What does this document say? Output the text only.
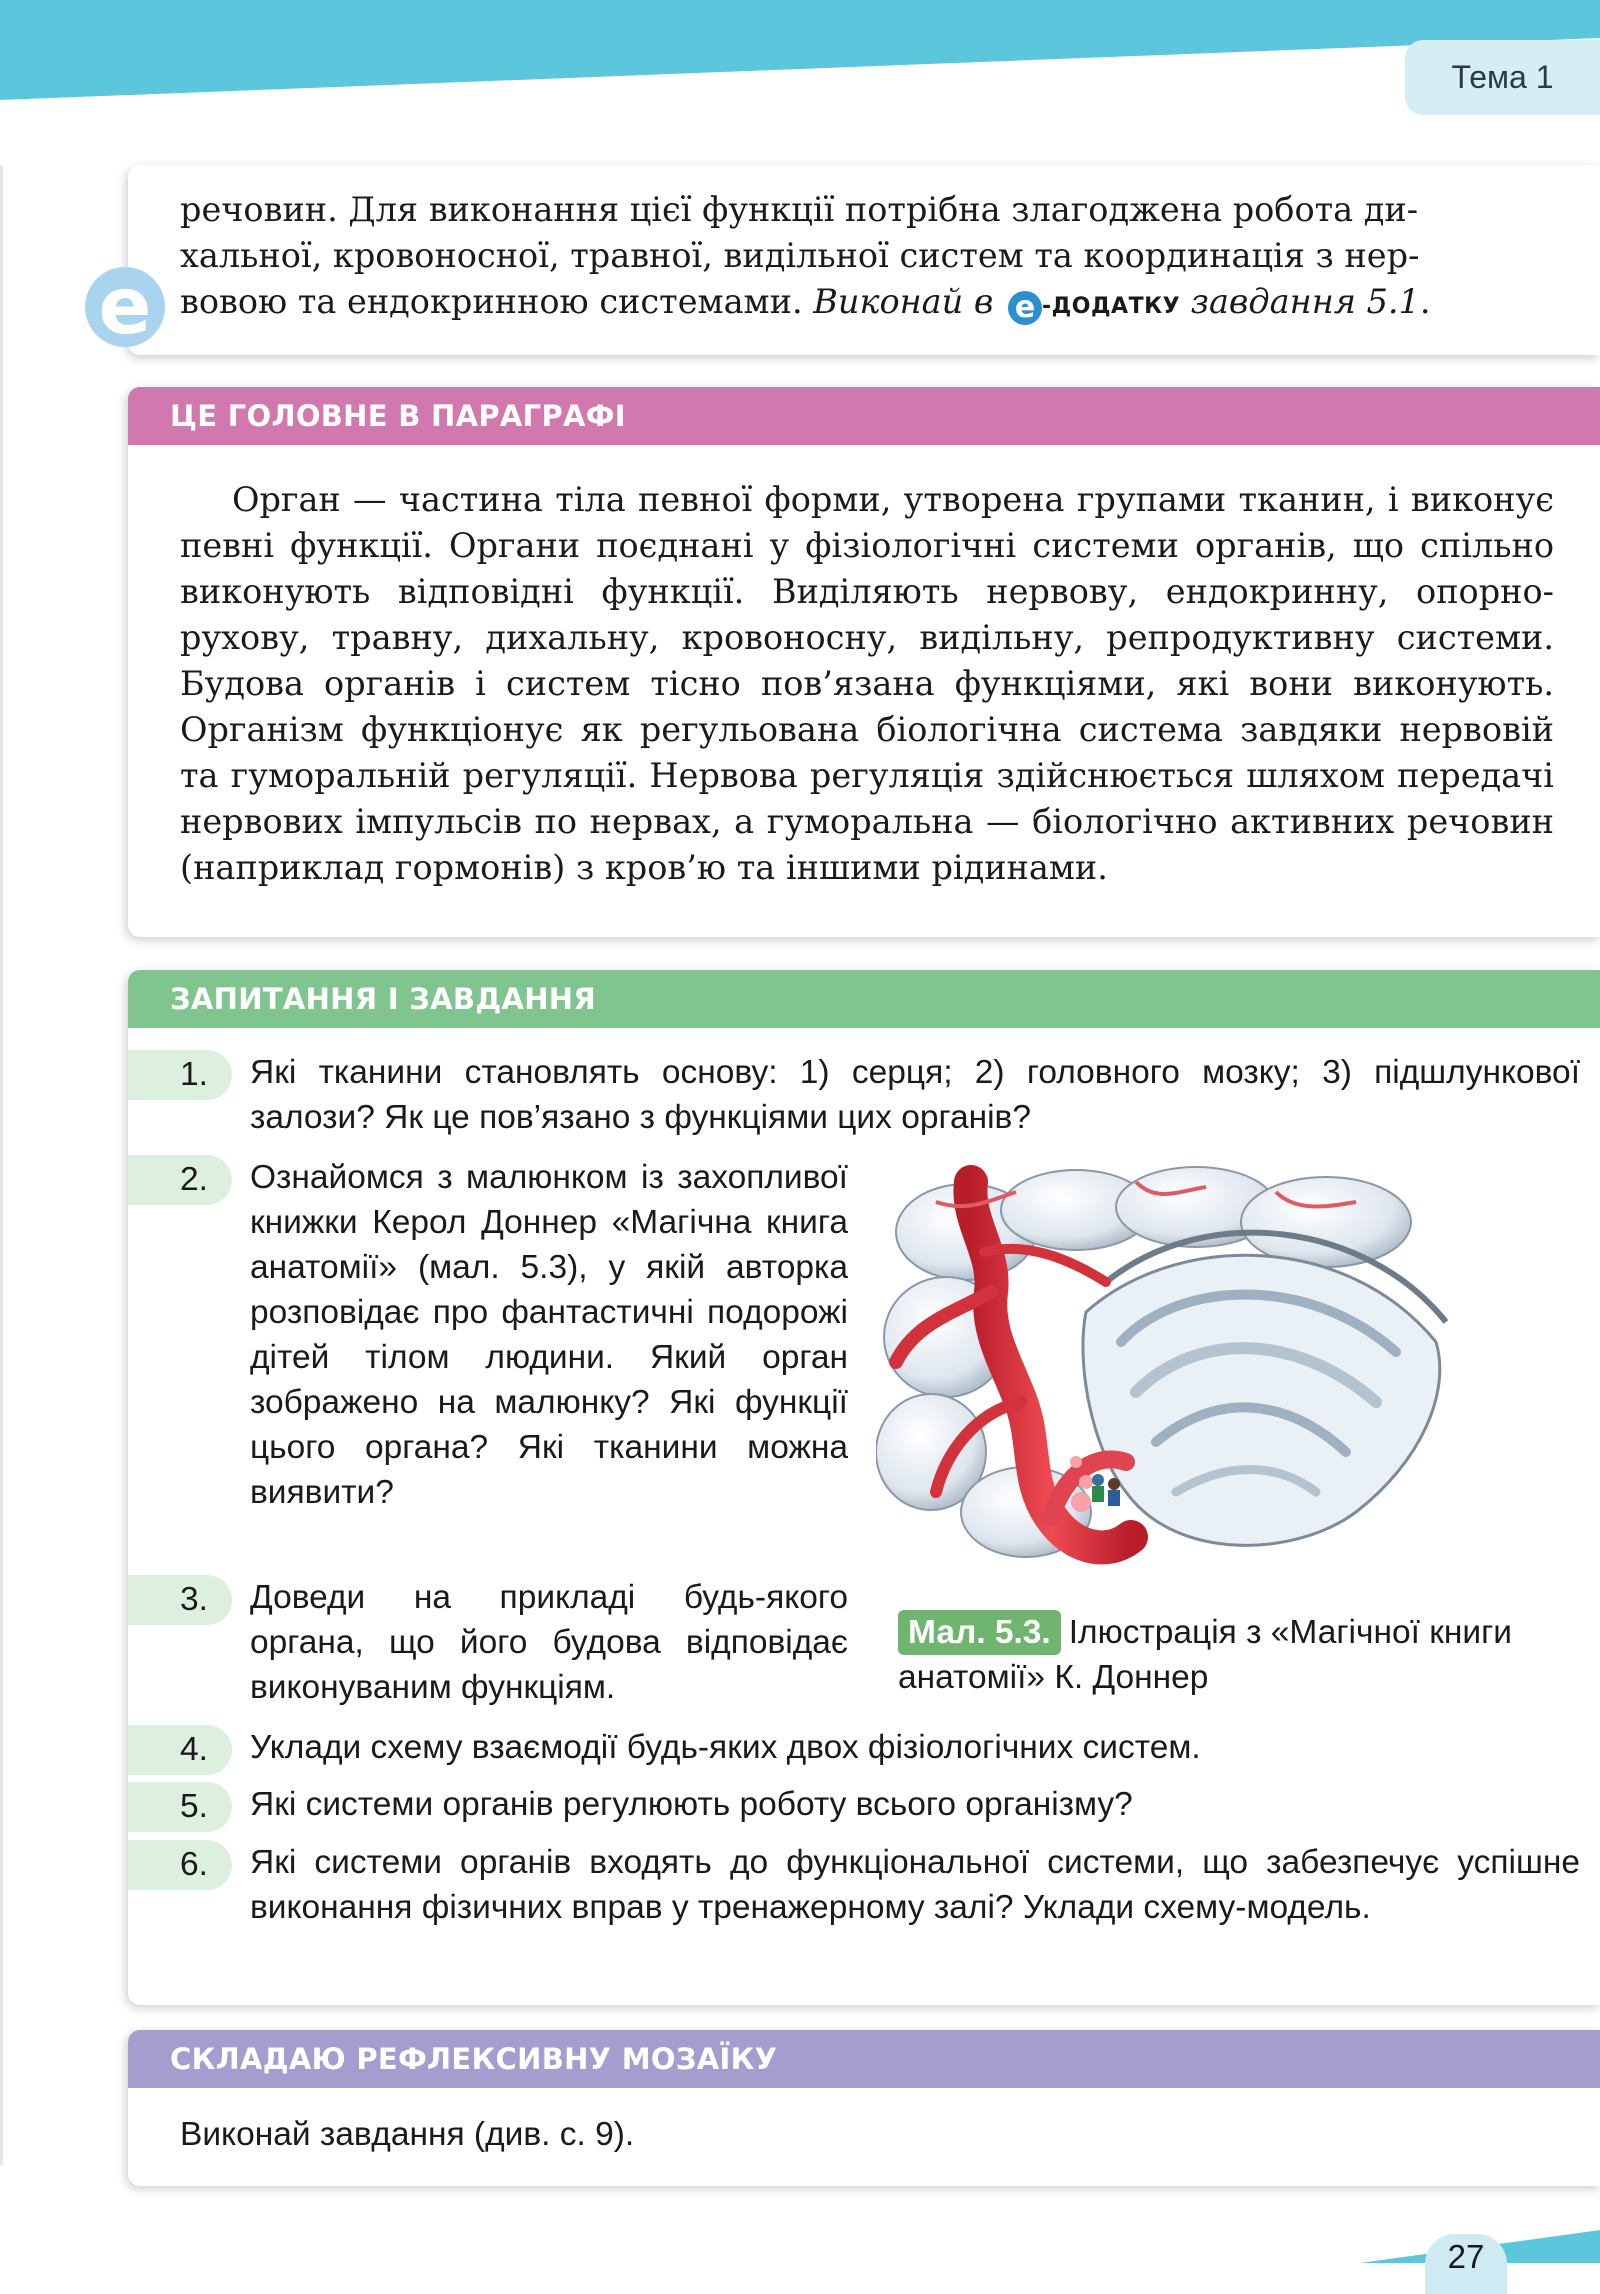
Тема 1
речовин. Для виконання цієї функції потрібна злагоджена робота ди-
хальної, кровоносної, травної, видільної систем та координація з нер-
вовою та ендокринною системами. Виконай в е -ДОДАТКУ завдання 5.1.
е
ЦЕ ГОЛОВНЕ В ПАРАГРАФІ

Орган — частина тіла певної форми, утворена групами тканин, і виконує певні функції. Органи поєднані у фізіологічні системи органів, що спільно виконують відповідні функції. Виділяють нервову, ендокринну, опорно-рухову, травну, дихальну, кровоносну, видільну, репродуктивну системи. Будова органів і систем тісно пов’язана функціями, які вони виконують. Організм функціонує як регульована біологічна система завдяки нервовій та гуморальній регуляції. Нервова регуляція здійснюється шляхом передачі нервових імпульсів по нервах, а гуморальна — біологічно активних речовин (наприклад гормонів) з кров’ю та іншими рідинами.

ЗАПИТАННЯ І ЗАВДАННЯ
1.	Які тканини становлять основу: 1) серця; 2) головного мозку; 3) підшлункової залози? Як це пов’язано з функціями цих органів?
2.	Ознайомся з малюнком із захопливої книжки Керол Доннер «Магічна книга анатомії» (мал. 5.3), у якій авторка розповідає про фантастичні подорожі дітей тілом людини. Який орган зображено на малюнку? Які функції цього органа? Які тканини можна виявити?
3.	Доведи на прикладі будь-якого органа, що його будова відповідає виконуваним функціям.
4.	Уклади схему взаємодії будь-яких двох фізіологічних систем.
5.	Які системи органів регулюють роботу всього організму?
6.	Які системи органів входять до функціональної системи, що забезпечує успішне виконання фізичних вправ у тренажерному залі? Уклади схему-модель.
Мал. 5.3. Ілюстрація з «Магічної книги анатомії» К. Доннер
СКЛАДАЮ РЕФЛЕКСИВНУ МОЗАЇКУ
Виконай завдання (див. с. 9).
27
